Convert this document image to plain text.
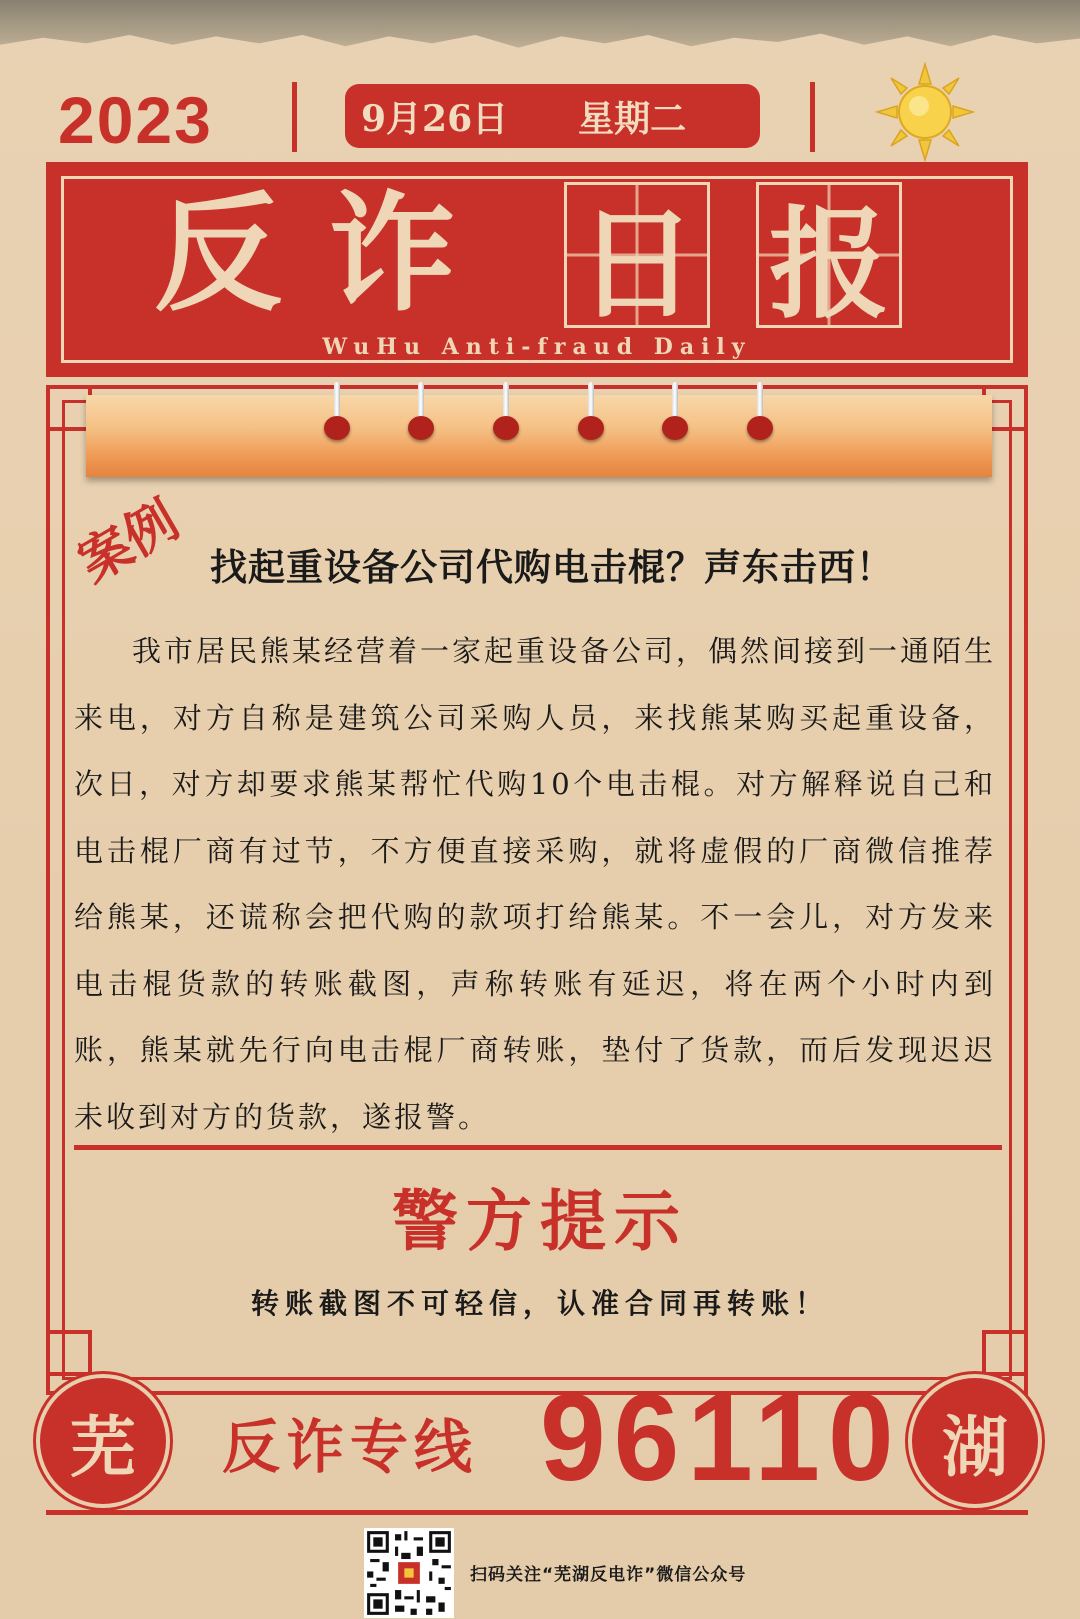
2023	9月26日 星期二
反 诈 日 报
WuHu Anti-fraud Daily
案例 找起重设备公司代购电击棍？声东击西！
我市居民熊某经营着一家起重设备公司，偶然间接到一通陌生来电，对方自称是建筑公司采购人员，来找熊某购买起重设备，次日，对方却要求熊某帮忙代购10个电击棍。对方解释说自己和电击棍厂商有过节，不方便直接采购，就将虚假的厂商微信推荐给熊某，还谎称会把代购的款项打给熊某。不一会儿，对方发来电击棍货款的转账截图，声称转账有延迟，将在两个小时内到账，熊某就先行向电击棍厂商转账，垫付了货款，而后发现迟迟未收到对方的货款，遂报警。
警方提示
转账截图不可轻信，认准合同再转账！
芜	反诈专线 96110 湖
扫码关注“芜湖反电诈”微信公众号
